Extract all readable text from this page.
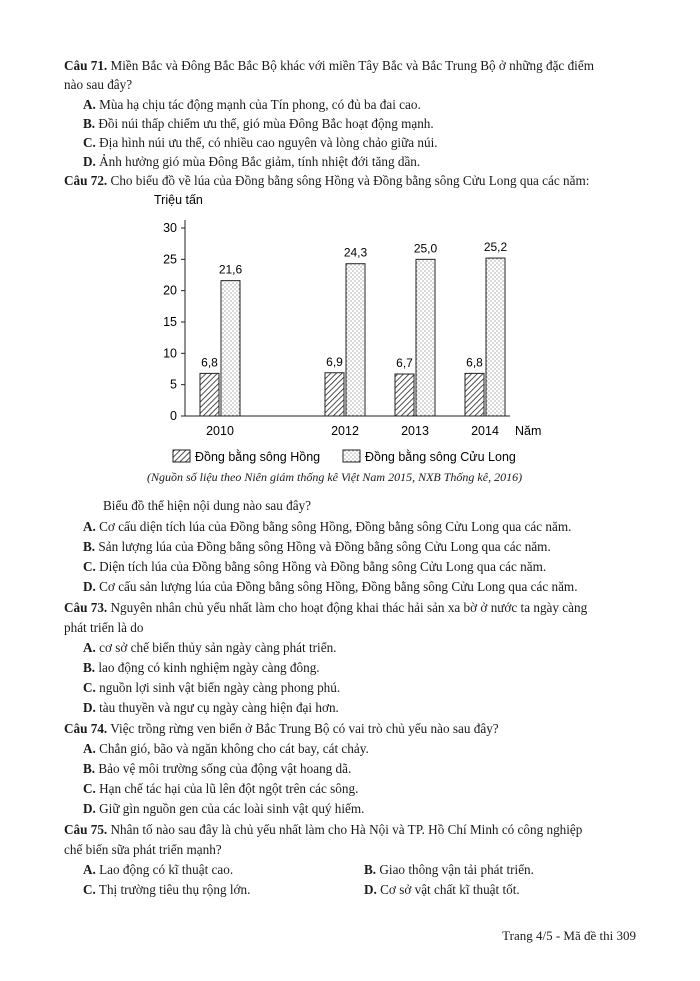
Câu 71. Miền Bắc và Đông Bắc Bắc Bộ khác với miền Tây Bắc và Bắc Trung Bộ ở những đặc điểm
nào sau đây?
A. Mùa hạ chịu tác động mạnh của Tín phong, có đủ ba đai cao.
B. Đồi núi thấp chiếm ưu thế, gió mùa Đông Bắc hoạt động mạnh.
C. Địa hình núi ưu thế, có nhiều cao nguyên và lòng chảo giữa núi.
D. Ảnh hưởng gió mùa Đông Bắc giảm, tính nhiệt đới tăng dần.
Câu 72. Cho biểu đồ về lúa của Đồng bằng sông Hồng và Đồng bằng sông Cửu Long qua các năm:
Triệu tấn
Năm
0
5
10
15
20
25
30
2010
6,8
21,6
2012
6,9
24,3
2013
6,7
25,0
2014
6,8
25,2
Đồng bằng sông Hồng	Đồng bằng sông Cửu Long
(Nguồn số liệu theo Niên giám thống kê Việt Nam 2015, NXB Thống kê, 2016)
Biểu đồ thể hiện nội dung nào sau đây?
A. Cơ cấu diện tích lúa của Đồng bằng sông Hồng, Đồng bằng sông Cửu Long qua các năm.
B. Sản lượng lúa của Đồng bằng sông Hồng và Đồng bằng sông Cửu Long qua các năm.
C. Diện tích lúa của Đồng bằng sông Hồng và Đồng bằng sông Cửu Long qua các năm.
D. Cơ cấu sản lượng lúa của Đồng bằng sông Hồng, Đồng bằng sông Cửu Long qua các năm.
Câu 73. Nguyên nhân chủ yếu nhất làm cho hoạt động khai thác hải sản xa bờ ở nước ta ngày càng
phát triển là do
A. cơ sở chế biến thủy sản ngày càng phát triển.
B. lao động có kinh nghiệm ngày càng đông.
C. nguồn lợi sinh vật biển ngày càng phong phú.
D. tàu thuyền và ngư cụ ngày càng hiện đại hơn.
Câu 74. Việc trồng rừng ven biển ở Bắc Trung Bộ có vai trò chủ yếu nào sau đây?
A. Chắn gió, bão và ngăn không cho cát bay, cát chảy.
B. Bảo vệ môi trường sống của động vật hoang dã.
C. Hạn chế tác hại của lũ lên đột ngột trên các sông.
D. Giữ gìn nguồn gen của các loài sinh vật quý hiếm.
Câu 75. Nhân tố nào sau đây là chủ yếu nhất làm cho Hà Nội và TP. Hồ Chí Minh có công nghiệp
chế biến sữa phát triển mạnh?
A. Lao động có kĩ thuật cao.	B. Giao thông vận tải phát triển.
C. Thị trường tiêu thụ rộng lớn.	D. Cơ sở vật chất kĩ thuật tốt.
Trang 4/5 - Mã đề thi 309
